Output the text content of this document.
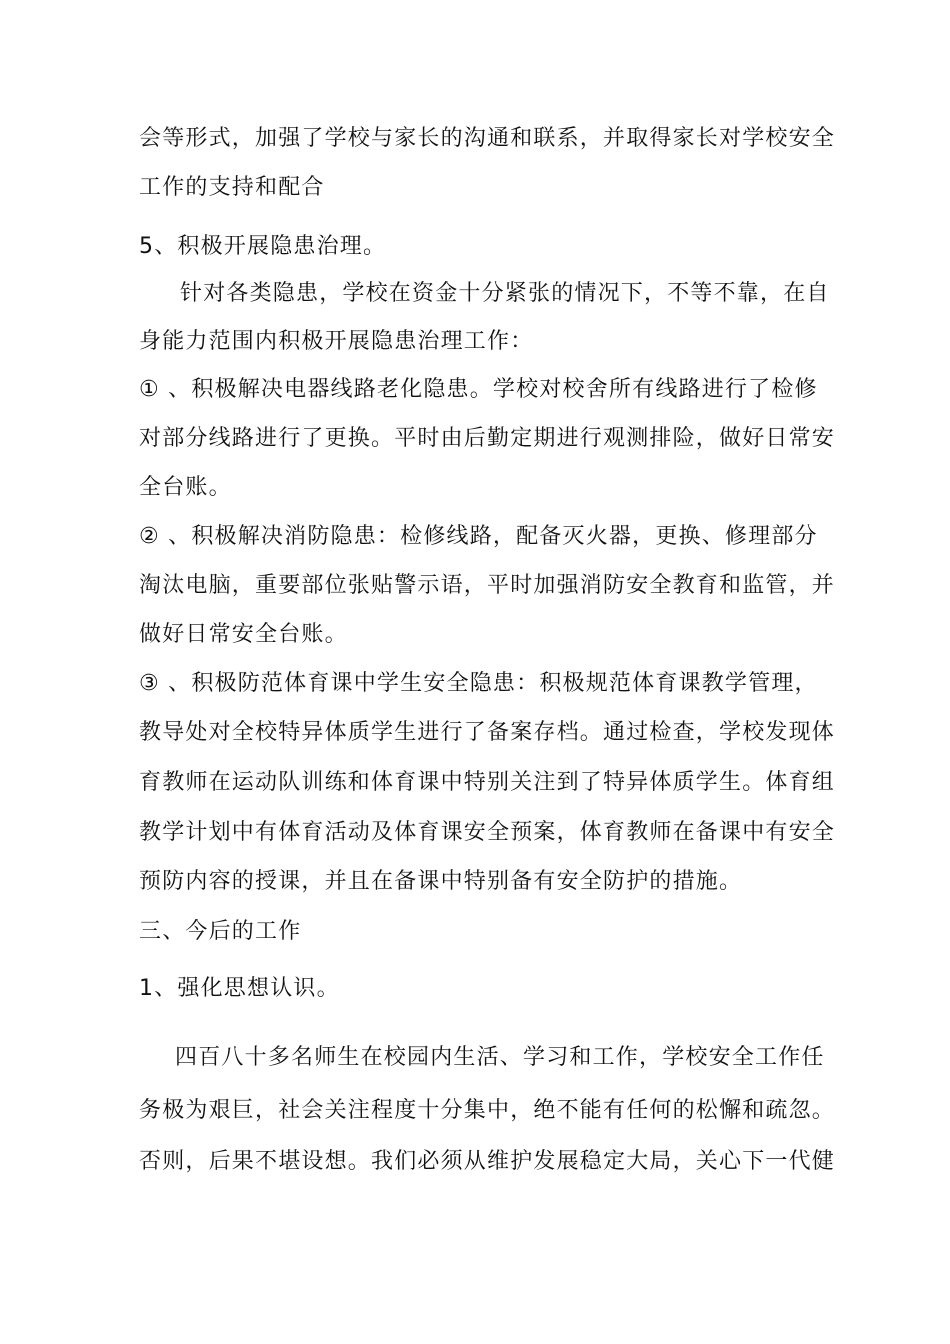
会等形式，加强了学校与家长的沟通和联系，并取得家长对学校安全
工作的支持和配合
5、积极开展隐患治理。
针对各类隐患，学校在资金十分紧张的情况下，不等不靠，在自
身能力范围内积极开展隐患治理工作：
① 、积极解决电器线路老化隐患。学校对校舍所有线路进行了检修
对部分线路进行了更换。平时由后勤定期进行观测排险，做好日常安
全台账。
② 、积极解决消防隐患：检修线路，配备灭火器，更换、修理部分
淘汰电脑，重要部位张贴警示语，平时加强消防安全教育和监管，并
做好日常安全台账。
③ 、积极防范体育课中学生安全隐患：积极规范体育课教学管理，
教导处对全校特异体质学生进行了备案存档。通过检查，学校发现体
育教师在运动队训练和体育课中特别关注到了特异体质学生。体育组
教学计划中有体育活动及体育课安全预案，体育教师在备课中有安全
预防内容的授课，并且在备课中特别备有安全防护的措施。
三、今后的工作
1、强化思想认识。
四百八十多名师生在校园内生活、学习和工作，学校安全工作任
务极为艰巨，社会关注程度十分集中，绝不能有任何的松懈和疏忽。
否则，后果不堪设想。我们必须从维护发展稳定大局，关心下一代健
